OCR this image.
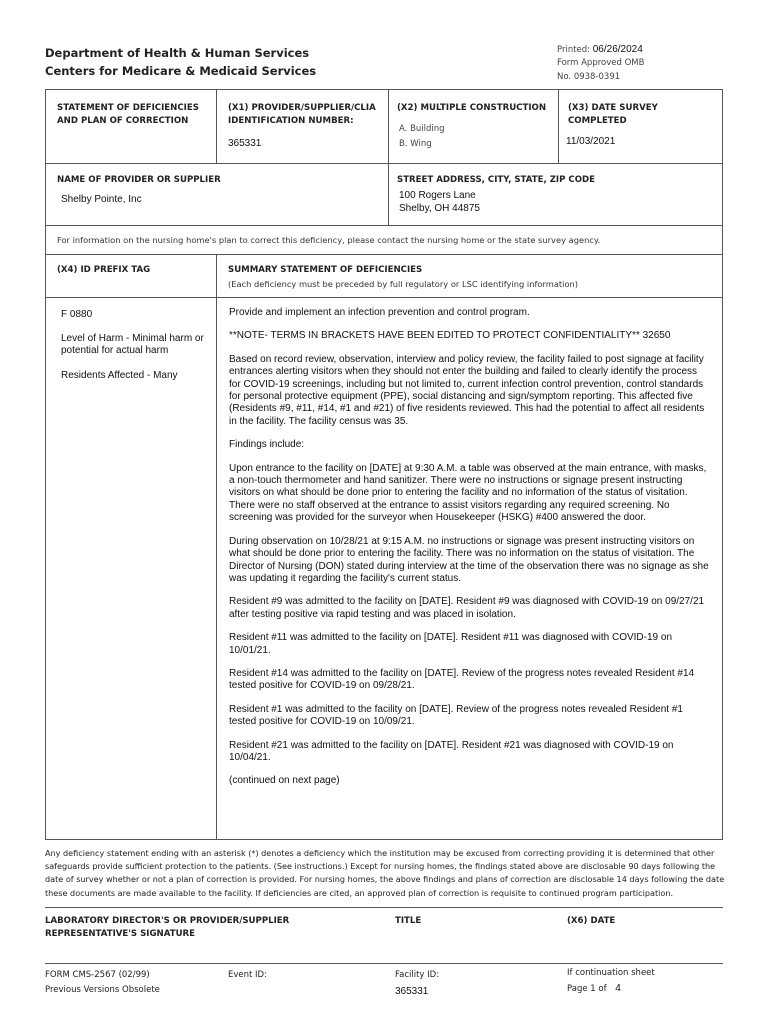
Department of Health & Human Services
Centers for Medicare & Medicaid Services
Printed: 06/26/2024
Form Approved OMB
No. 0938-0391
STATEMENT OF DEFICIENCIES AND PLAN OF CORRECTION
(X1) PROVIDER/SUPPLIER/CLIA IDENTIFICATION NUMBER:
365331
(X2) MULTIPLE CONSTRUCTION
A. Building
B. Wing
(X3) DATE SURVEY COMPLETED
11/03/2021
NAME OF PROVIDER OR SUPPLIER
Shelby Pointe, Inc
STREET ADDRESS, CITY, STATE, ZIP CODE
100 Rogers Lane
Shelby, OH 44875
For information on the nursing home's plan to correct this deficiency, please contact the nursing home or the state survey agency.
(X4) ID PREFIX TAG	SUMMARY STATEMENT OF DEFICIENCIES
(Each deficiency must be preceded by full regulatory or LSC identifying information)
F 0880
Level of Harm - Minimal harm or potential for actual harm
Residents Affected - Many

Provide and implement an infection prevention and control program.

**NOTE- TERMS IN BRACKETS HAVE BEEN EDITED TO PROTECT CONFIDENTIALITY** 32650

Based on record review, observation, interview and policy review, the facility failed to post signage at facility
entrances alerting visitors when they should not enter the building and failed to clearly identify the process
for COVID-19 screenings, including but not limited to, current infection control prevention, control standards
for personal protective equipment (PPE), social distancing and sign/symptom reporting. This affected five
(Residents #9, #11, #14, #1 and #21) of five residents reviewed. This had the potential to affect all residents
in the facility. The facility census was 35.

Findings include:

Upon entrance to the facility on [DATE] at 9:30 A.M. a table was observed at the main entrance, with masks,
a non-touch thermometer and hand sanitizer. There were no instructions or signage present instructing
visitors on what should be done prior to entering the facility and no information of the status of visitation.
There were no staff observed at the entrance to assist visitors regarding any required screening. No
screening was provided for the surveyor when Housekeeper (HSKG) #400 answered the door.

During observation on 10/28/21 at 9:15 A.M. no instructions or signage was present instructing visitors on
what should be done prior to entering the facility. There was no information on the status of visitation. The
Director of Nursing (DON) stated during interview at the time of the observation there was no signage as she
was updating it regarding the facility's current status.

Resident #9 was admitted to the facility on [DATE]. Resident #9 was diagnosed with COVID-19 on 09/27/21
after testing positive via rapid testing and was placed in isolation.

Resident #11 was admitted to the facility on [DATE]. Resident #11 was diagnosed with COVID-19 on
10/01/21.

Resident #14 was admitted to the facility on [DATE]. Review of the progress notes revealed Resident #14
tested positive for COVID-19 on 09/28/21.

Resident #1 was admitted to the facility on [DATE]. Review of the progress notes revealed Resident #1
tested positive for COVID-19 on 10/09/21.

Resident #21 was admitted to the facility on [DATE]. Resident #21 was diagnosed with COVID-19 on
10/04/21.

(continued on next page)

Any deficiency statement ending with an asterisk (*) denotes a deficiency which the institution may be excused from correcting providing it is determined that other safeguards provide sufficient protection to the patients. (See instructions.) Except for nursing homes, the findings stated above are disclosable 90 days following the date of survey whether or not a plan of correction is provided. For nursing homes, the above findings and plans of correction are disclosable 14 days following the date these documents are made available to the facility. If deficiencies are cited, an approved plan of correction is requisite to continued program participation.
LABORATORY DIRECTOR'S OR PROVIDER/SUPPLIER REPRESENTATIVE'S SIGNATURE
TITLE	(X6) DATE
FORM CMS-2567 (02/99)
Previous Versions Obsolete
Event ID:	Facility ID:
365331
If continuation sheet
Page 1 of 4
